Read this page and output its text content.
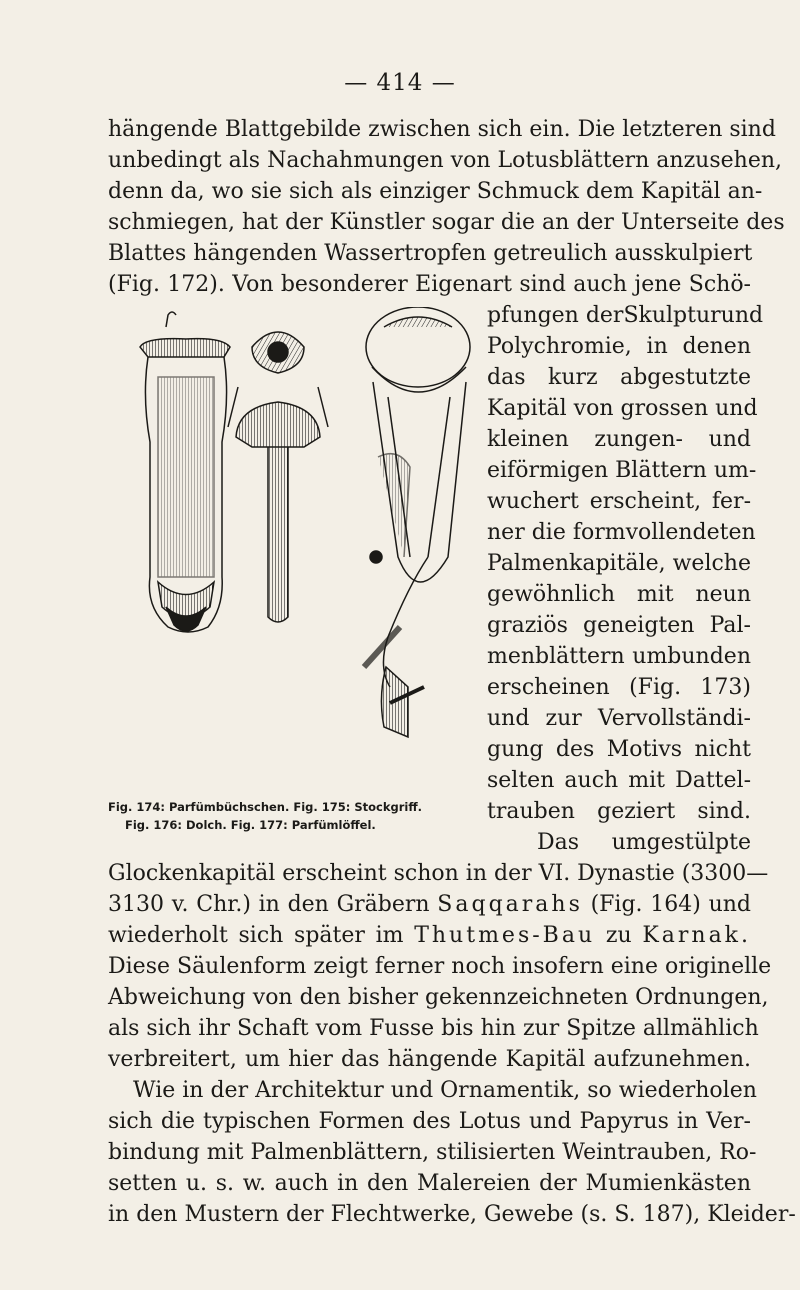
— 414 —
hängende Blattgebilde zwischen sich ein. Die letzteren sind
unbedingt als Nachahmungen von Lotusblättern anzusehen,
denn da, wo sie sich als einziger Schmuck dem Kapitäl an-
schmiegen, hat der Künstler sogar die an der Unterseite des
Blattes hängenden Wassertropfen getreulich ausskulpiert
(Fig. 172). Von besonderer Eigenart sind auch jene Schö-
pfungen derSkulpturund
Polychromie, in denen
das kurz abgestutzte
Kapitäl von grossen und
kleinen zungen- und
eiförmigen Blättern um-
wuchert erscheint, fer-
ner die formvollendeten
Palmenkapitäle, welche
gewöhnlich mit neun
graziös geneigten Pal-
menblättern umbunden
erscheinen (Fig. 173)
und zur Vervollständi-
gung des Motivs nicht
selten auch mit Dattel-
trauben geziert sind.
Das umgestülpte
Fig. 174: Parfümbüchschen. Fig. 175: Stockgriff.
Fig. 176: Dolch. Fig. 177: Parfümlöffel.
Glockenkapitäl erscheint schon in der VI. Dynastie (3300—
3130 v. Chr.) in den Gräbern Saqqarahs (Fig. 164) und
wiederholt sich später im Thutmes-Bau zu Karnak.
Diese Säulenform zeigt ferner noch insofern eine originelle
Abweichung von den bisher gekennzeichneten Ordnungen,
als sich ihr Schaft vom Fusse bis hin zur Spitze allmählich
verbreitert, um hier das hängende Kapitäl aufzunehmen.
Wie in der Architektur und Ornamentik, so wiederholen
sich die typischen Formen des Lotus und Papyrus in Ver-
bindung mit Palmenblättern, stilisierten Weintrauben, Ro-
setten u. s. w. auch in den Malereien der Mumienkästen
in den Mustern der Flechtwerke, Gewebe (s. S. 187), Kleider-
